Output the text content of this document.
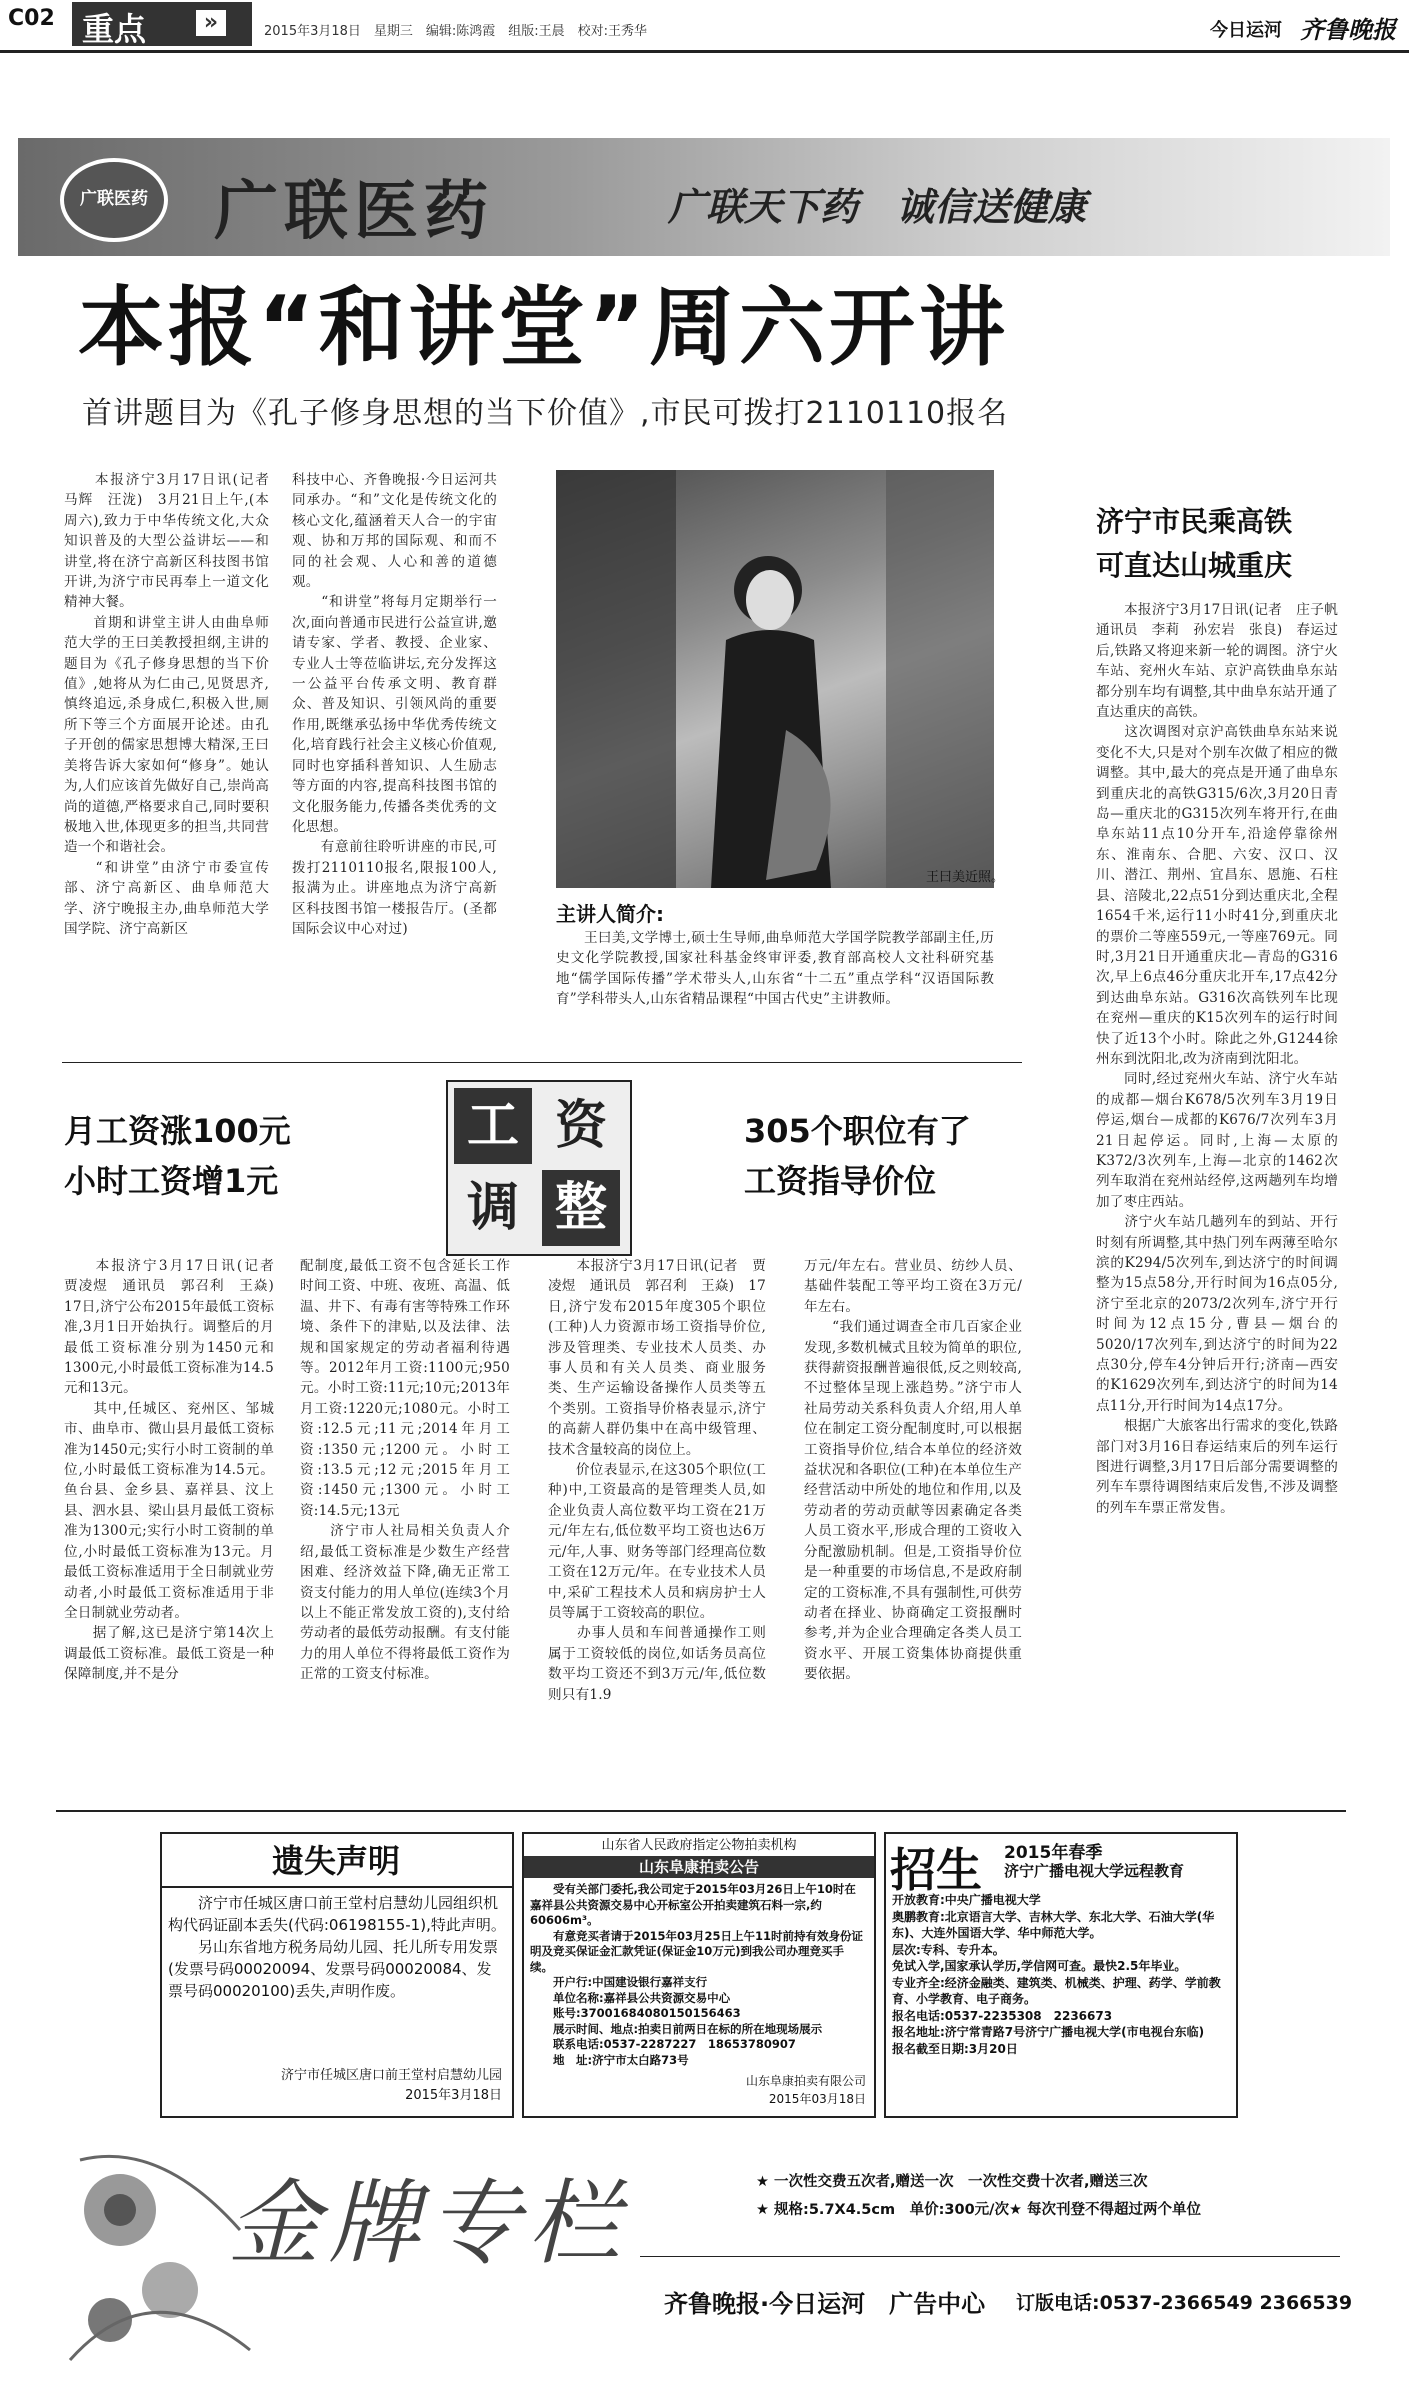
C02 重点	»	2015年3月18日　星期三　编辑:陈鸿霞　组版:王晨　校对:王秀华	今日运河 齐鲁晚报
广联医药	广联医药	广联天下药　诚信送健康
本报“和讲堂”周六开讲
首讲题目为《孔子修身思想的当下价值》,市民可拨打2110110报名
　　本报济宁3月17日讯(记者　马辉　汪泷)　3月21日上午,(本周六),致力于中华传统文化,大众知识普及的大型公益讲坛——和讲堂,将在济宁高新区科技图书馆开讲,为济宁市民再奉上一道文化精神大餐。
　　首期和讲堂主讲人由曲阜师范大学的王曰美教授担纲,主讲的题目为《孔子修身思想的当下价值》,她将从为仁由己,见贤思齐,慎终追远,杀身成仁,积极入世,厕所下等三个方面展开论述。由孔子开创的儒家思想博大精深,王曰美将告诉大家如何“修身”。她认为,人们应该首先做好自己,崇尚高尚的道德,严格要求自己,同时要积极地入世,体现更多的担当,共同营造一个和谐社会。
　　“和讲堂”由济宁市委宣传部、济宁高新区、曲阜师范大学、济宁晚报主办,曲阜师范大学国学院、济宁高新区
科技中心、齐鲁晚报·今日运河共同承办。“和”文化是传统文化的核心文化,蕴涵着天人合一的宇宙观、协和万邦的国际观、和而不同的社会观、人心和善的道德观。
　　“和讲堂”将每月定期举行一次,面向普通市民进行公益宣讲,邀请专家、学者、教授、企业家、专业人士等莅临讲坛,充分发挥这一公益平台传承文明、教育群众、普及知识、引领风尚的重要作用,既继承弘扬中华优秀传统文化,培育践行社会主义核心价值观,同时也穿插科普知识、人生励志等方面的内容,提高科技图书馆的文化服务能力,传播各类优秀的文化思想。
　　有意前往聆听讲座的市民,可拨打2110110报名,限报100人,报满为止。讲座地点为济宁高新区科技图书馆一楼报告厅。(圣都国际会议中心对过)
王曰美近照。
主讲人简介:
　　王曰美,文学博士,硕士生导师,曲阜师范大学国学院教学部副主任,历史文化学院教授,国家社科基金终审评委,教育部高校人文社科研究基地“儒学国际传播”学术带头人,山东省“十二五”重点学科“汉语国际教育”学科带头人,山东省精品课程“中国古代史”主讲教师。
济宁市民乘高铁
可直达山城重庆
　　本报济宁3月17日讯(记者　庄子帆　通讯员　李莉　孙宏岩　张良)　春运过后,铁路又将迎来新一轮的调图。济宁火车站、兖州火车站、京沪高铁曲阜东站都分别车均有调整,其中曲阜东站开通了直达重庆的高铁。
　　这次调图对京沪高铁曲阜东站来说变化不大,只是对个别车次做了相应的微调整。其中,最大的亮点是开通了曲阜东到重庆北的高铁G315/6次,3月20日青岛—重庆北的G315次列车将开行,在曲阜东站11点10分开车,沿途停靠徐州东、淮南东、合肥、六安、汉口、汉川、潜江、荆州、宜昌东、恩施、石柱县、涪陵北,22点51分到达重庆北,全程1654千米,运行11小时41分,到重庆北的票价二等座559元,一等座769元。同时,3月21日开通重庆北—青岛的G316次,早上6点46分重庆北开车,17点42分到达曲阜东站。G316次高铁列车比现在兖州—重庆的K15次列车的运行时间快了近13个小时。除此之外,G1244徐州东到沈阳北,改为济南到沈阳北。
　　同时,经过兖州火车站、济宁火车站的成都—烟台K678/5次列车3月19日停运,烟台—成都的K676/7次列车3月21日起停运。同时,上海—太原的K372/3次列车,上海—北京的1462次列车取消在兖州站经停,这两趟列车均增加了枣庄西站。
　　济宁火车站几趟列车的到站、开行时刻有所调整,其中热门列车两薄至哈尔滨的K294/5次列车,到达济宁的时间调整为15点58分,开行时间为16点05分,济宁至北京的2073/2次列车,济宁开行时间为12点15分,曹县—烟台的5020/17次列车,到达济宁的时间为22点30分,停车4分钟后开行;济南—西安的K1629次列车,到达济宁的时间为14点11分,开行时间为14点17分。
　　根据广大旅客出行需求的变化,铁路部门对3月16日春运结束后的列车运行图进行调整,3月17日后部分需要调整的列车车票待调图结束后发售,不涉及调整的列车车票正常发售。
月工资涨100元
小时工资增1元
工 资
调 整
305个职位有了
工资指导价位
　　本报济宁3月17日讯(记者　贾凌煜　通讯员　郭召利　王焱)　17日,济宁公布2015年最低工资标准,3月1日开始执行。调整后的月最低工资标准分别为1450元和1300元,小时最低工资标准为14.5元和13元。
　　其中,任城区、兖州区、邹城市、曲阜市、微山县月最低工资标准为1450元;实行小时工资制的单位,小时最低工资标准为14.5元。鱼台县、金乡县、嘉祥县、汶上县、泗水县、梁山县月最低工资标准为1300元;实行小时工资制的单位,小时最低工资标准为13元。月最低工资标准适用于全日制就业劳动者,小时最低工资标准适用于非全日制就业劳动者。
　　据了解,这已是济宁第14次上调最低工资标准。最低工资是一种保障制度,并不是分
配制度,最低工资不包含延长工作时间工资、中班、夜班、高温、低温、井下、有毒有害等特殊工作环境、条件下的津贴,以及法律、法规和国家规定的劳动者福利待遇等。2012年月工资:1100元;950元。小时工资:11元;10元;2013年月工资:1220元;1080元。小时工资:12.5元;11元;2014年月工资:1350元;1200元。小时工资:13.5元;12元;2015年月工资:1450元;1300元。小时工资:14.5元;13元
　　济宁市人社局相关负责人介绍,最低工资标准是少数生产经营困难、经济效益下降,确无正常工资支付能力的用人单位(连续3个月以上不能正常发放工资的),支付给劳动者的最低劳动报酬。有支付能力的用人单位不得将最低工资作为正常的工资支付标准。
　　本报济宁3月17日讯(记者　贾凌煜　通讯员　郭召利　王焱)　17日,济宁发布2015年度305个职位(工种)人力资源市场工资指导价位,涉及管理类、专业技术人员类、办事人员和有关人员类、商业服务类、生产运输设备操作人员类等五个类别。工资指导价格表显示,济宁的高薪人群仍集中在高中级管理、技术含量较高的岗位上。
　　价位表显示,在这305个职位(工种)中,工资最高的是管理类人员,如企业负责人高位数平均工资在21万元/年左右,低位数平均工资也达6万元/年,人事、财务等部门经理高位数工资在12万元/年。在专业技术人员中,采矿工程技术人员和病房护士人员等属于工资较高的职位。
　　办事人员和车间普通操作工则属于工资较低的岗位,如话务员高位数平均工资还不到3万元/年,低位数则只有1.9
万元/年左右。营业员、纺纱人员、基础件装配工等平均工资在3万元/年左右。
　　“我们通过调查全市几百家企业发现,多数机械式且较为简单的职位,获得薪资报酬普遍很低,反之则较高,不过整体呈现上涨趋势。”济宁市人社局劳动关系科负责人介绍,用人单位在制定工资分配制度时,可以根据工资指导价位,结合本单位的经济效益状况和各职位(工种)在本单位生产经营活动中所处的地位和作用,以及劳动者的劳动贡献等因素确定各类人员工资水平,形成合理的工资收入分配激励机制。但是,工资指导价位是一种重要的市场信息,不是政府制定的工资标准,不具有强制性,可供劳动者在择业、协商确定工资报酬时参考,并为企业合理确定各类人员工资水平、开展工资集体协商提供重要依据。
遗失声明
　　济宁市任城区唐口前王堂村启慧幼儿园组织机构代码证副本丢失(代码:06198155-1),特此声明。
　　另山东省地方税务局幼儿园、托儿所专用发票(发票号码00020094、发票号码00020084、发票号码00020100)丢失,声明作废。
济宁市任城区唐口前王堂村启慧幼儿园
2015年3月18日
山东省人民政府指定公物拍卖机构
山东阜康拍卖公告
　　受有关部门委托,我公司定于2015年03月26日上午10时在嘉祥县公共资源交易中心开标室公开拍卖建筑石料一宗,约60606m³。
　　有意竞买者请于2015年03月25日上午11时前持有效身份证明及竞买保证金汇款凭证(保证金10万元)到我公司办理竞买手续。
　　开户行:中国建设银行嘉祥支行
　　单位名称:嘉祥县公共资源交易中心
　　账号:37001684080150156463
　　展示时间、地点:拍卖日前两日在标的所在地现场展示
　　联系电话:0537-2287227　18653780907
　　地　址:济宁市太白路73号
山东阜康拍卖有限公司
2015年03月18日
招生 2015年春季
济宁广播电视大学远程教育
开放教育:中央广播电视大学
奥鹏教育:北京语言大学、吉林大学、东北大学、石油大学(华东)、大连外国语大学、华中师范大学。
层次:专科、专升本。
免试入学,国家承认学历,学信网可查。最快2.5年毕业。
专业齐全:经济金融类、建筑类、机械类、护理、药学、学前教育、小学教育、电子商务。
报名电话:0537-2235308　2236673
报名地址:济宁常青路7号济宁广播电视大学(市电视台东临)
报名截至日期:3月20日
金牌专栏	★ 一次性交费五次者,赠送一次　一次性交费十次者,赠送三次
★ 规格:5.7X4.5cm　单价:300元/次★ 每次刊登不得超过两个单位
齐鲁晚报·今日运河　广告中心 订版电话:0537-2366549 2366539
